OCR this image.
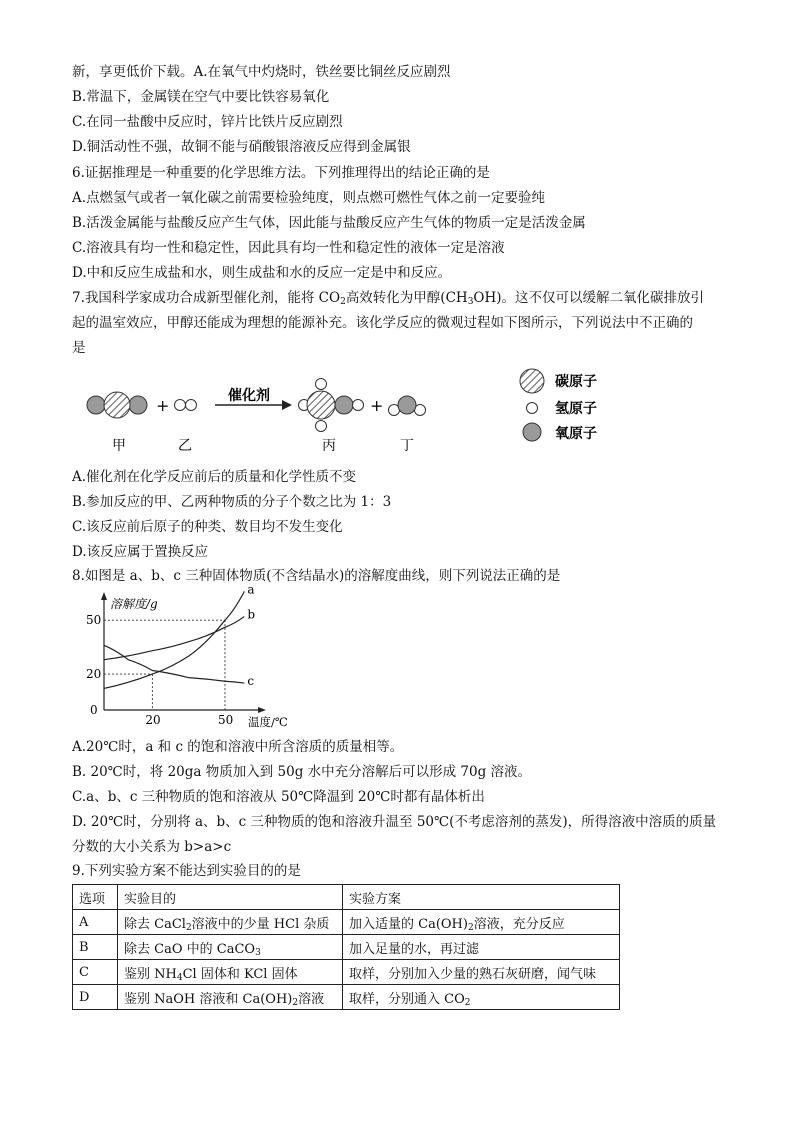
新，享更低价下载。A.在氧气中灼烧时，铁丝要比铜丝反应剧烈
B.常温下，金属镁在空气中要比铁容易氧化
C.在同一盐酸中反应时，锌片比铁片反应剧烈
D.铜活动性不强，故铜不能与硝酸银溶液反应得到金属银
6.证据推理是一种重要的化学思维方法。下列推理得出的结论正确的是
A.点燃氢气或者一氧化碳之前需要检验纯度，则点燃可燃性气体之前一定要验纯
B.活泼金属能与盐酸反应产生气体，因此能与盐酸反应产生气体的物质一定是活泼金属
C.溶液具有均一性和稳定性，因此具有均一性和稳定性的液体一定是溶液
D.中和反应生成盐和水，则生成盐和水的反应一定是中和反应。
7.我国科学家成功合成新型催化剂，能将 $CO_2$高效转化为甲醇$(CH_3OH)$。这不仅可以缓解二氧化碳排放引
起的温室效应，甲醇还能成为理想的能源补充。该化学反应的微观过程如下图所示，下列说法中不正确的
是
+	催化剂	+
甲	乙	丙	丁
碳原子
氢原子
氧原子
A.催化剂在化学反应前后的质量和化学性质不变
B.参加反应的甲、乙两种物质的分子个数之比为 1：3
C.该反应前后原子的种类、数目均不发生变化
D.该反应属于置换反应
8.如图是 a、b、c 三种固体物质(不含结晶水)的溶解度曲线，则下列说法正确的是
溶解度/g
温度/℃
0
20	50
20
50
a
b
c
A.20℃时，a 和 c 的饱和溶液中所含溶质的质量相等。
B. 20℃时，将 20ga 物质加入到 50g 水中充分溶解后可以形成 70g 溶液。
C.a、b、c 三种物质的饱和溶液从 50℃降温到 20℃时都有晶体析出
D. 20℃时，分别将 a、b、c 三种物质的饱和溶液升温至 50℃(不考虑溶剂的蒸发)，所得溶液中溶质的质量
分数的大小关系为 b>a>c
9.下列实验方案不能达到实验目的的是
选项	实验目的	实验方案
A	除去 CaCl$_2$溶液中的少量 HCl 杂质	加入适量的 $Ca(OH)_2$溶液，充分反应
B	除去 CaO 中的 CaCO$_3$	加入足量的水，再过滤
C	鉴别 $NH_4Cl$ 固体和 KCl 固体	取样，分别加入少量的熟石灰研磨，闻气味
D	鉴别 NaOH 溶液和 $Ca(OH)_2$溶液	取样，分别通入 $CO_2$
